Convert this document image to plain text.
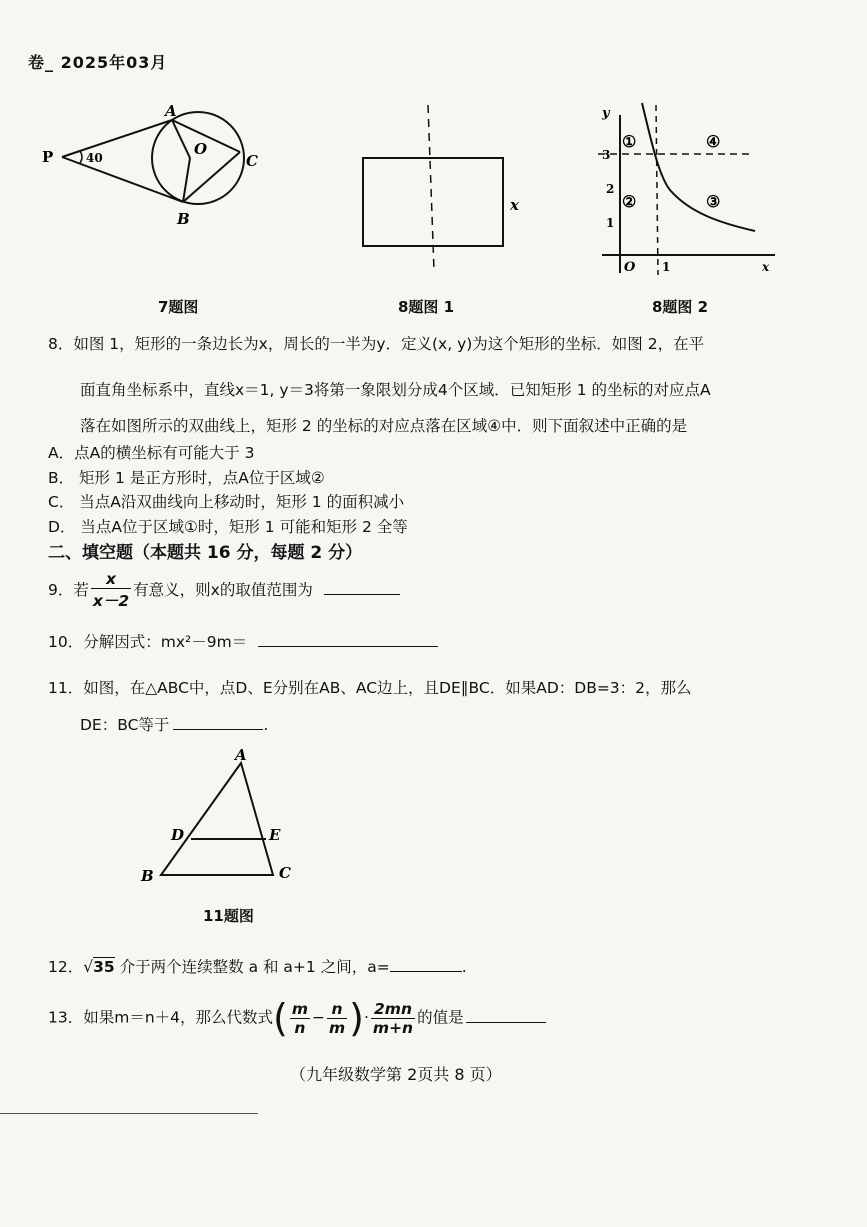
卷_ 2025年03月
P
A
B
O
C
40
7题图
x
8题图 1
y
x
O 1
3
2
1
①
②	③
④
8题图 2
8．如图 1，矩形的一条边长为x，周长的一半为y．定义(x, y)为这个矩形的坐标．如图 2，在平
面直角坐标系中，直线x＝1, y＝3将第一象限划分成4个区域．已知矩形 1 的坐标的对应点A
落在如图所示的双曲线上，矩形 2 的坐标的对应点落在区域④中．则下面叙述中正确的是
A．点A的横坐标有可能大于 3
B． 矩形 1 是正方形时，点A位于区域②
C． 当点A沿双曲线向上移动时，矩形 1 的面积减小
D． 当点A位于区域①时，矩形 1 可能和矩形 2 全等
二、填空题（本题共 16 分，每题 2 分）
9．若 $\frac{x}{x-2}$ 有意义，则x的取值范围为
10．分解因式：mx²－9m＝
11．如图，在△ABC中，点D、E分别在AB、AC边上，且DE∥BC．如果AD：DB=3：2，那么
DE：BC等于	.
A
B	C
D	E
11题图
12．√35 介于两个连续整数 a 和 a+1 之间，a=	.
13．如果m＝n＋4，那么代数式( $\frac{m}{n} - \frac{n}{m}$ )· $\frac{2mn}{m+n}$ 的值是
（九年级数学第 2页共 8 页）
